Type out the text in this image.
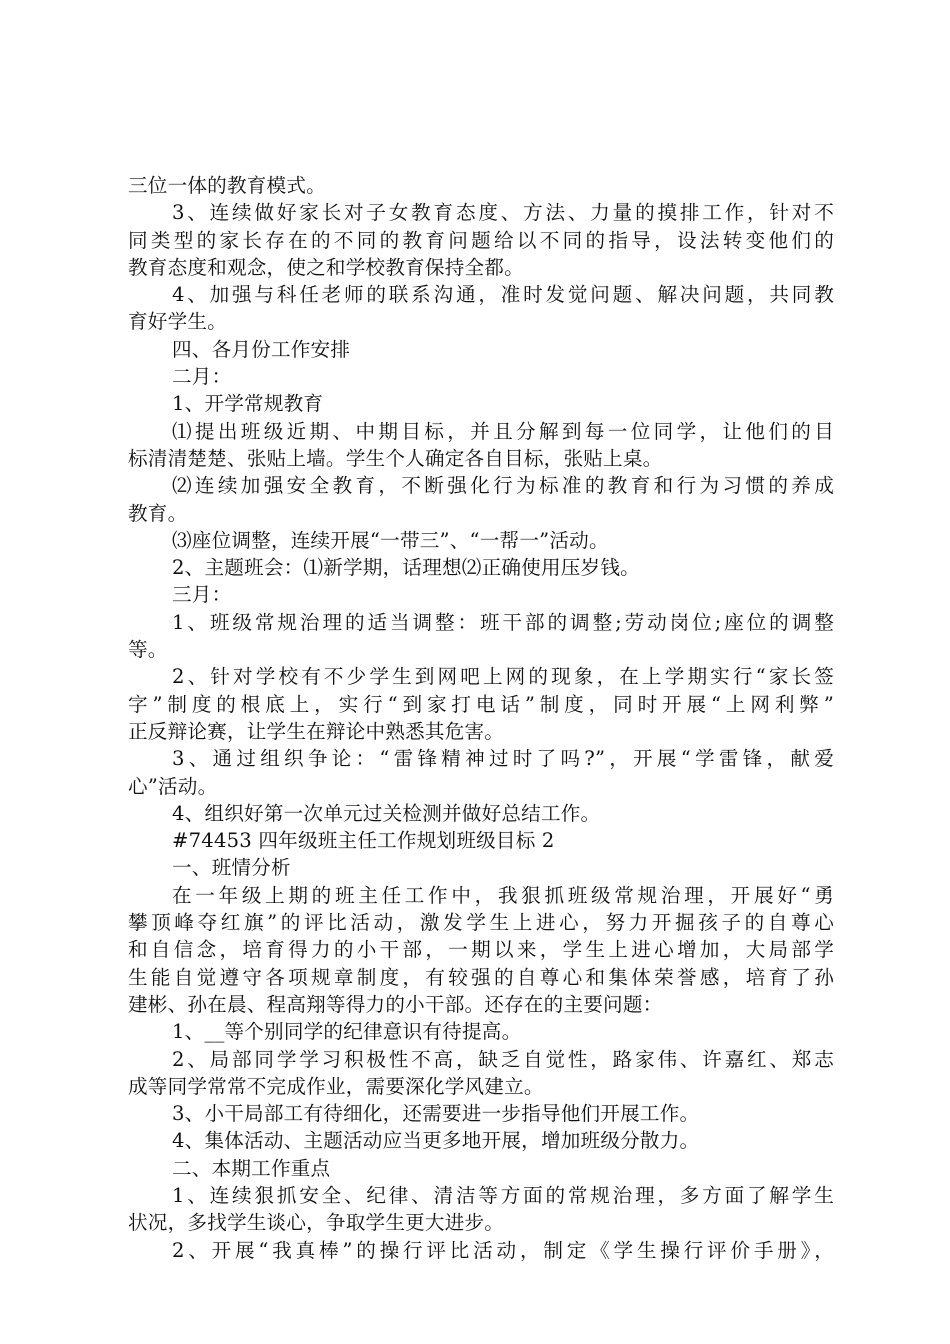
三位一体的教育模式。
3、连续做好家长对子女教育态度、方法、力量的摸排工作，针对不
同类型的家长存在的不同的教育问题给以不同的指导，设法转变他们的
教育态度和观念，使之和学校教育保持全都。
4、加强与科任老师的联系沟通，准时发觉问题、解决问题，共同教
育好学生。
四、各月份工作安排
二月：
1、开学常规教育
⑴提出班级近期、中期目标，并且分解到每一位同学，让他们的目
标清清楚楚、张贴上墙。学生个人确定各自目标，张贴上桌。
⑵连续加强安全教育，不断强化行为标准的教育和行为习惯的养成
教育。
⑶座位调整，连续开展“一带三”、“一帮一”活动。
2、主题班会：⑴新学期，话理想⑵正确使用压岁钱。
三月：
1、班级常规治理的适当调整：班干部的调整;劳动岗位;座位的调整
等。
2、针对学校有不少学生到网吧上网的现象，在上学期实行“家长签
字”制度的根底上，实行“到家打电话”制度，同时开展“上网利弊”
正反辩论赛，让学生在辩论中熟悉其危害。
3、通过组织争论：“雷锋精神过时了吗?”，开展“学雷锋，献爱
心”活动。
4、组织好第一次单元过关检测并做好总结工作。
#74453 四年级班主任工作规划班级目标 2
一、班情分析
在一年级上期的班主任工作中，我狠抓班级常规治理，开展好“勇
攀顶峰夺红旗”的评比活动，激发学生上进心，努力开掘孩子的自尊心
和自信念，培育得力的小干部，一期以来，学生上进心增加，大局部学
生能自觉遵守各项规章制度，有较强的自尊心和集体荣誉感，培育了孙
建彬、孙在晨、程高翔等得力的小干部。还存在的主要问题：
1、__等个别同学的纪律意识有待提高。
2、局部同学学习积极性不高，缺乏自觉性，路家伟、许嘉红、郑志
成等同学常常不完成作业，需要深化学风建立。
3、小干局部工有待细化，还需要进一步指导他们开展工作。
4、集体活动、主题活动应当更多地开展，增加班级分散力。
二、本期工作重点
1、连续狠抓安全、纪律、清洁等方面的常规治理，多方面了解学生
状况，多找学生谈心，争取学生更大进步。
2、开展“我真棒”的操行评比活动，制定《学生操行评价手册》，
